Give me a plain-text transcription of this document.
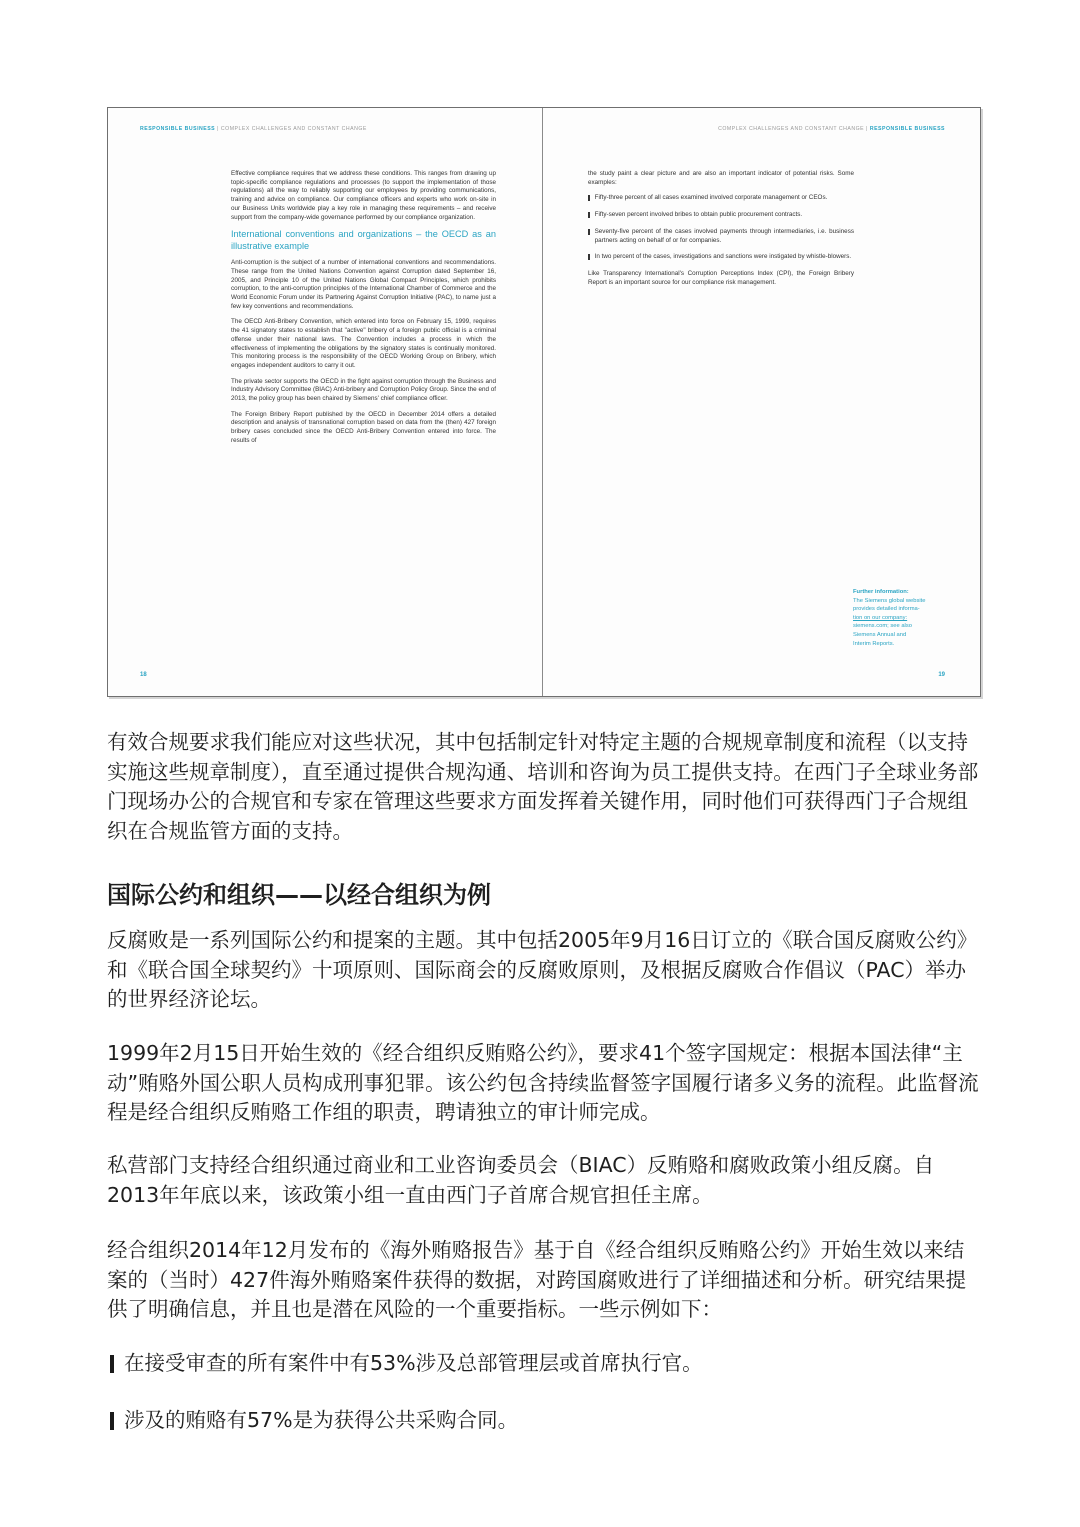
RESPONSIBLE BUSINESS | COMPLEX CHALLENGES AND CONSTANT CHANGE

Effective compliance requires that we address these conditions. This ranges from drawing up topic-specific compliance regulations and processes (to support the implementation of those regulations) all the way to reliably supporting our employees by providing communications, training and advice on compliance. Our compliance officers and experts who work on-site in our Business Units worldwide play a key role in managing these requirements – and receive support from the company-wide governance performed by our compliance organization.

International conventions and organizations – the OECD as an illustrative example

Anti-corruption is the subject of a number of international conventions and recommendations. These range from the United Nations Convention against Corruption dated September 16, 2005, and Principle 10 of the United Nations Global Compact Principles, which prohibits corruption, to the anti-corruption principles of the International Chamber of Commerce and the World Economic Forum under its Partnering Against Corruption Initiative (PAC), to name just a few key conventions and recommendations.

The OECD Anti-Bribery Convention, which entered into force on February 15, 1999, requires the 41 signatory states to establish that "active" bribery of a foreign public official is a criminal offense under their national laws. The Convention includes a process in which the effectiveness of implementing the obligations by the signatory states is continually monitored. This monitoring process is the responsibility of the OECD Working Group on Bribery, which engages independent auditors to carry it out.

The private sector supports the OECD in the fight against corruption through the Business and Industry Advisory Committee (BIAC) Anti-bribery and Corruption Policy Group. Since the end of 2013, the policy group has been chaired by Siemens' chief compliance officer.

The Foreign Bribery Report published by the OECD in December 2014 offers a detailed description and analysis of transnational corruption based on data from the (then) 427 foreign bribery cases concluded since the OECD Anti-Bribery Convention entered into force. The results of

18
COMPLEX CHALLENGES AND CONSTANT CHANGE | RESPONSIBLE BUSINESS

the study paint a clear picture and are also an important indicator of potential risks. Some examples:

Fifty-three percent of all cases examined involved corporate management or CEOs.
Fifty-seven percent involved bribes to obtain public procurement contracts.
Seventy-five percent of the cases involved payments through intermediaries, i.e. business partners acting on behalf of or for companies.
In two percent of the cases, investigations and sanctions were instigated by whistle-blowers.

Like Transparency International's Corruption Perceptions Index (CPI), the Foreign Bribery Report is an important source for our compliance risk management.

Further information:
The Siemens global website
provides detailed informa-
tion on our company:
siemens.com; see also
Siemens Annual and
Interim Reports.
19

有效合规要求我们能应对这些状况，其中包括制定针对特定主题的合规规章制度和流程（以支持实施这些规章制度），直至通过提供合规沟通、培训和咨询为员工提供支持。在西门子全球业务部门现场办公的合规官和专家在管理这些要求方面发挥着关键作用，同时他们可获得西门子合规组织在合规监管方面的支持。

国际公约和组织——以经合组织为例

反腐败是一系列国际公约和提案的主题。其中包括2005年9月16日订立的《联合国反腐败公约》和《联合国全球契约》十项原则、国际商会的反腐败原则，及根据反腐败合作倡议（PAC）举办的世界经济论坛。

1999年2月15日开始生效的《经合组织反贿赂公约》，要求41个签字国规定：根据本国法律“主动”贿赂外国公职人员构成刑事犯罪。该公约包含持续监督签字国履行诸多义务的流程。此监督流程是经合组织反贿赂工作组的职责，聘请独立的审计师完成。

私营部门支持经合组织通过商业和工业咨询委员会（BIAC）反贿赂和腐败政策小组反腐。自2013年年底以来，该政策小组一直由西门子首席合规官担任主席。

经合组织2014年12月发布的《海外贿赂报告》基于自《经合组织反贿赂公约》开始生效以来结案的（当时）427件海外贿赂案件获得的数据，对跨国腐败进行了详细描述和分析。研究结果提供了明确信息，并且也是潜在风险的一个重要指标。一些示例如下：

在接受审查的所有案件中有53%涉及总部管理层或首席执行官。
涉及的贿赂有57%是为获得公共采购合同。
